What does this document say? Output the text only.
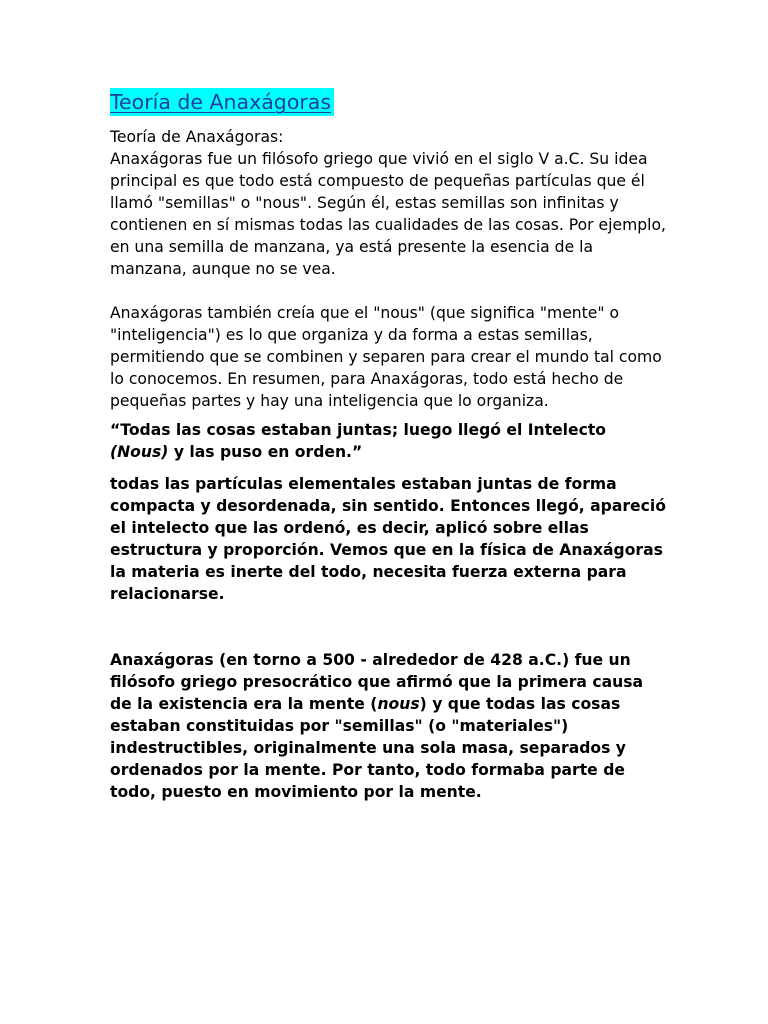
Teoría de Anaxágoras
Teoría de Anaxágoras:
Anaxágoras fue un filósofo griego que vivió en el siglo V a.C. Su idea principal es que todo está compuesto de pequeñas partículas que él llamó "semillas" o "nous". Según él, estas semillas son infinitas y contienen en sí mismas todas las cualidades de las cosas. Por ejemplo, en una semilla de manzana, ya está presente la esencia de la manzana, aunque no se vea.
Anaxágoras también creía que el "nous" (que significa "mente" o "inteligencia") es lo que organiza y da forma a estas semillas, permitiendo que se combinen y separen para crear el mundo tal como lo conocemos. En resumen, para Anaxágoras, todo está hecho de pequeñas partes y hay una inteligencia que lo organiza.
“Todas las cosas estaban juntas; luego llegó el Intelecto (Nous) y las puso en orden.”
todas las partículas elementales estaban juntas de forma compacta y desordenada, sin sentido. Entonces llegó, apareció el intelecto que las ordenó, es decir, aplicó sobre ellas estructura y proporción. Vemos que en la física de Anaxágoras la materia es inerte del todo, necesita fuerza externa para relacionarse.
Anaxágoras (en torno a 500 - alrededor de 428 a.C.) fue un filósofo griego presocrático que afirmó que la primera causa de la existencia era la mente (nous) y que todas las cosas estaban constituidas por "semillas" (o "materiales") indestructibles, originalmente una sola masa, separados y ordenados por la mente. Por tanto, todo formaba parte de todo, puesto en movimiento por la mente.
